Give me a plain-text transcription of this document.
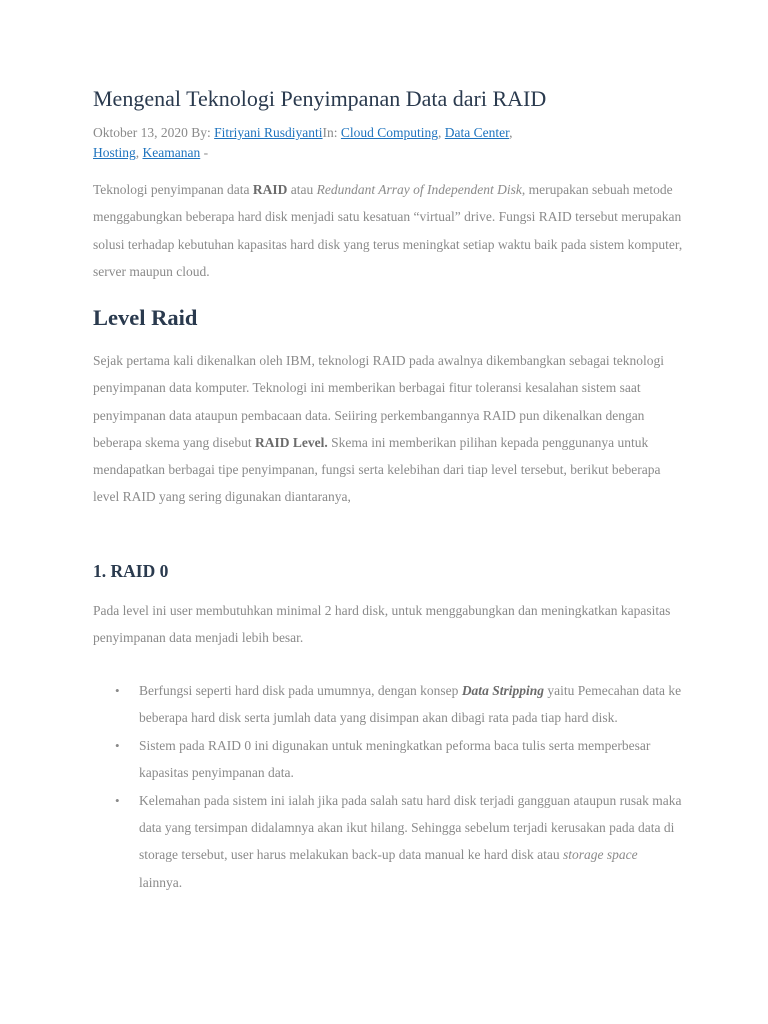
Mengenal Teknologi Penyimpanan Data dari RAID
Oktober 13, 2020 By: Fitriyani RusdiyantiIn: Cloud Computing, Data Center, Hosting, Keamanan -

Teknologi penyimpanan data RAID atau Redundant Array of Independent Disk, merupakan sebuah metode menggabungkan beberapa hard disk menjadi satu kesatuan “virtual” drive. Fungsi RAID tersebut merupakan solusi terhadap kebutuhan kapasitas hard disk yang terus meningkat setiap waktu baik pada sistem komputer, server maupun cloud.

Level Raid

Sejak pertama kali dikenalkan oleh IBM, teknologi RAID pada awalnya dikembangkan sebagai teknologi penyimpanan data komputer. Teknologi ini memberikan berbagai fitur toleransi kesalahan sistem saat penyimpanan data ataupun pembacaan data. Seiiring perkembangannya RAID pun dikenalkan dengan beberapa skema yang disebut RAID Level. Skema ini memberikan pilihan kepada penggunanya untuk mendapatkan berbagai tipe penyimpanan, fungsi serta kelebihan dari tiap level tersebut, berikut beberapa level RAID yang sering digunakan diantaranya,

1. RAID 0

Pada level ini user membutuhkan minimal 2 hard disk, untuk menggabungkan dan meningkatkan kapasitas penyimpanan data menjadi lebih besar.

• Berfungsi seperti hard disk pada umumnya, dengan konsep Data Stripping yaitu Pemecahan data ke beberapa hard disk serta jumlah data yang disimpan akan dibagi rata pada tiap hard disk.
• Sistem pada RAID 0 ini digunakan untuk meningkatkan peforma baca tulis serta memperbesar kapasitas penyimpanan data.
• Kelemahan pada sistem ini ialah jika pada salah satu hard disk terjadi gangguan ataupun rusak maka data yang tersimpan didalamnya akan ikut hilang. Sehingga sebelum terjadi kerusakan pada data di storage tersebut, user harus melakukan back-up data manual ke hard disk atau storage space lainnya.
